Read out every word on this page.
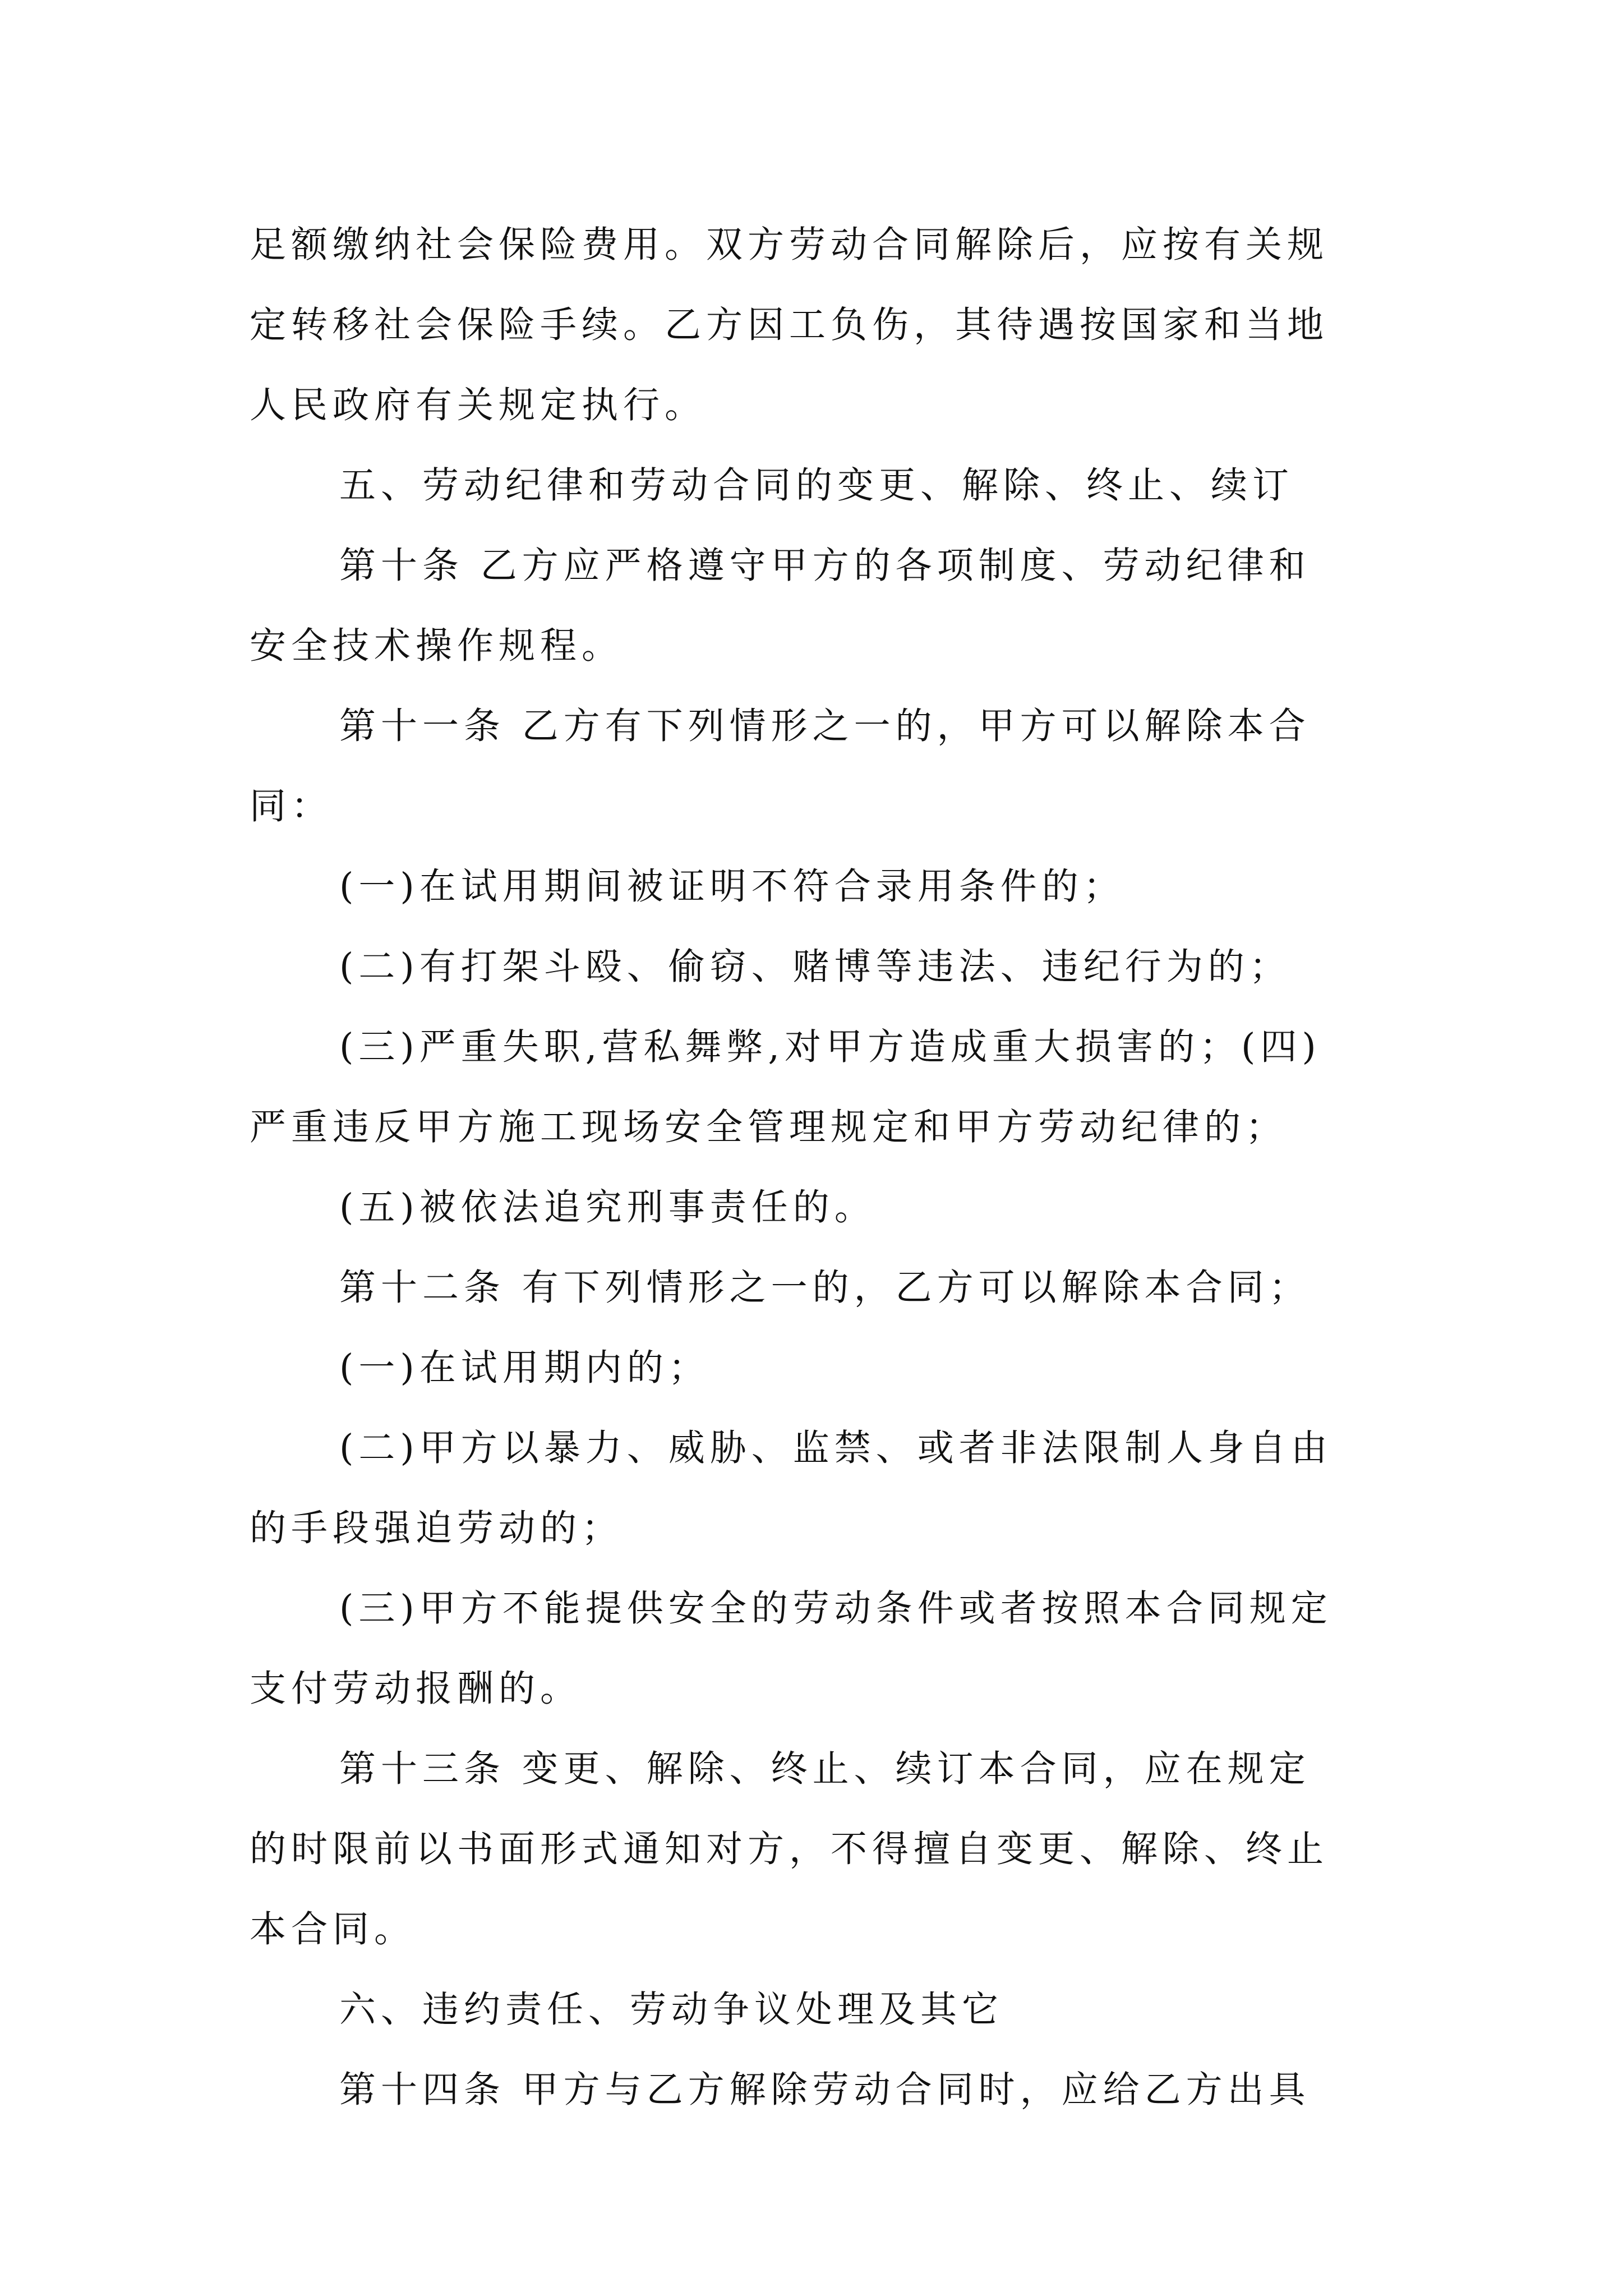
足额缴纳社会保险费用。双方劳动合同解除后，应按有关规
定转移社会保险手续。乙方因工负伤，其待遇按国家和当地
人民政府有关规定执行。
五、劳动纪律和劳动合同的变更、解除、终止、续订
第十条 乙方应严格遵守甲方的各项制度、劳动纪律和
安全技术操作规程。
第十一条 乙方有下列情形之一的，甲方可以解除本合
同：
(一)在试用期间被证明不符合录用条件的；
(二)有打架斗殴、偷窃、赌博等违法、违纪行为的；
(三)严重失职,营私舞弊,对甲方造成重大损害的；(四)
严重违反甲方施工现场安全管理规定和甲方劳动纪律的；
(五)被依法追究刑事责任的。
第十二条 有下列情形之一的，乙方可以解除本合同；
(一)在试用期内的；
(二)甲方以暴力、威胁、监禁、或者非法限制人身自由
的手段强迫劳动的；
(三)甲方不能提供安全的劳动条件或者按照本合同规定
支付劳动报酬的。
第十三条 变更、解除、终止、续订本合同，应在规定
的时限前以书面形式通知对方，不得擅自变更、解除、终止
本合同。
六、违约责任、劳动争议处理及其它
第十四条 甲方与乙方解除劳动合同时，应给乙方出具
